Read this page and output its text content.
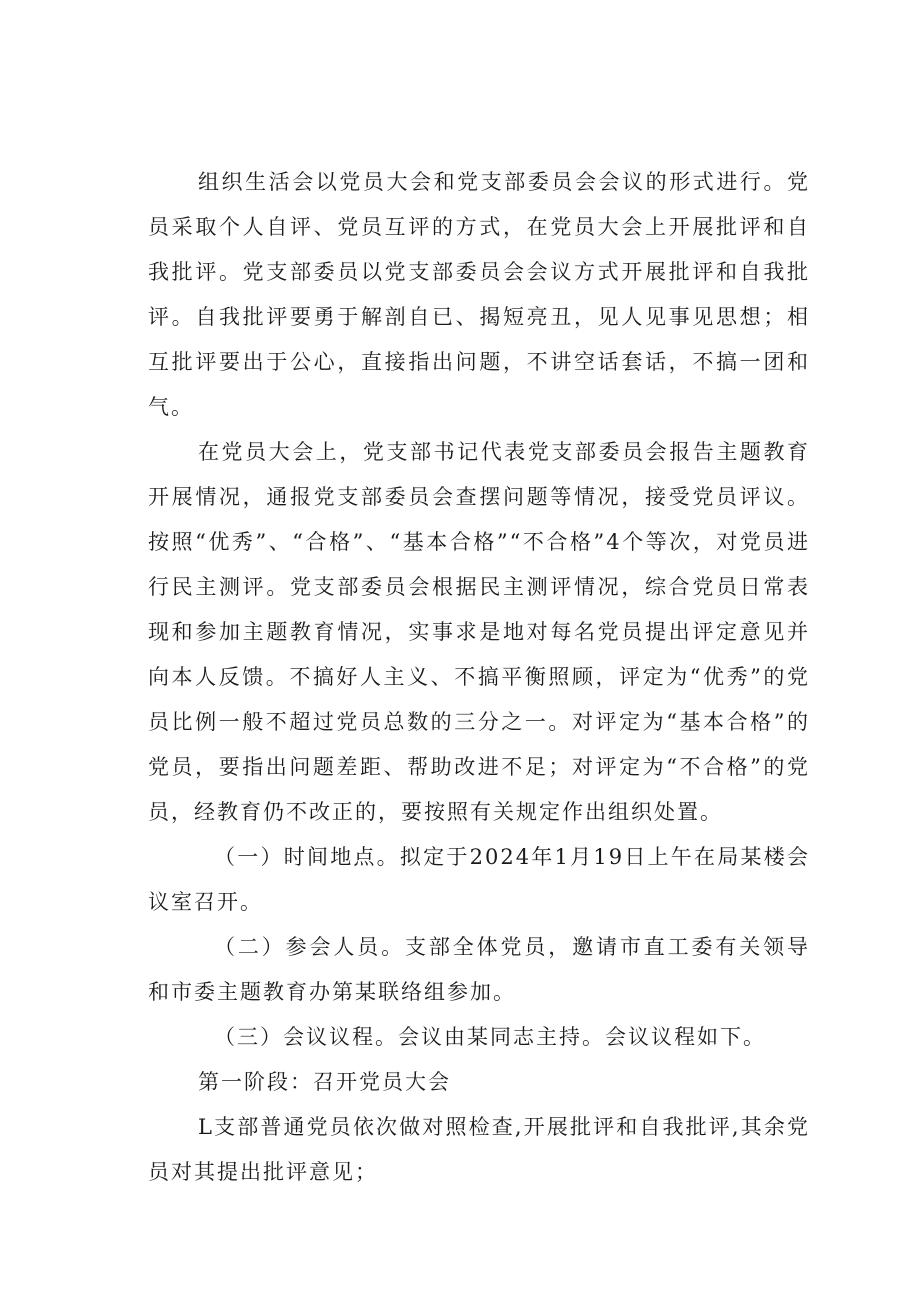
组织生活会以党员大会和党支部委员会会议的形式进行。党员采取个人自评、党员互评的方式，在党员大会上开展批评和自我批评。党支部委员以党支部委员会会议方式开展批评和自我批评。自我批评要勇于解剖自已、揭短亮丑，见人见事见思想；相互批评要出于公心，直接指出问题，不讲空话套话，不搞一团和气。

在党员大会上，党支部书记代表党支部委员会报告主题教育开展情况，通报党支部委员会查摆问题等情况，接受党员评议。按照“优秀”、“合格”、“基本合格”“不合格”4个等次，对党员进行民主测评。党支部委员会根据民主测评情况，综合党员日常表现和参加主题教育情况，实事求是地对每名党员提出评定意见并向本人反馈。不搞好人主义、不搞平衡照顾，评定为“优秀”的党员比例一般不超过党员总数的三分之一。对评定为“基本合格”的党员，要指出问题差距、帮助改进不足；对评定为“不合格”的党员，经教育仍不改正的，要按照有关规定作出组织处置。

（一）时间地点。拟定于2024年1月19日上午在局某楼会议室召开。

（二）参会人员。支部全体党员，邀请市直工委有关领导和市委主题教育办第某联络组参加。

（三）会议议程。会议由某同志主持。会议议程如下。

第一阶段：召开党员大会

L支部普通党员依次做对照检查,开展批评和自我批评,其余党员对其提出批评意见；
